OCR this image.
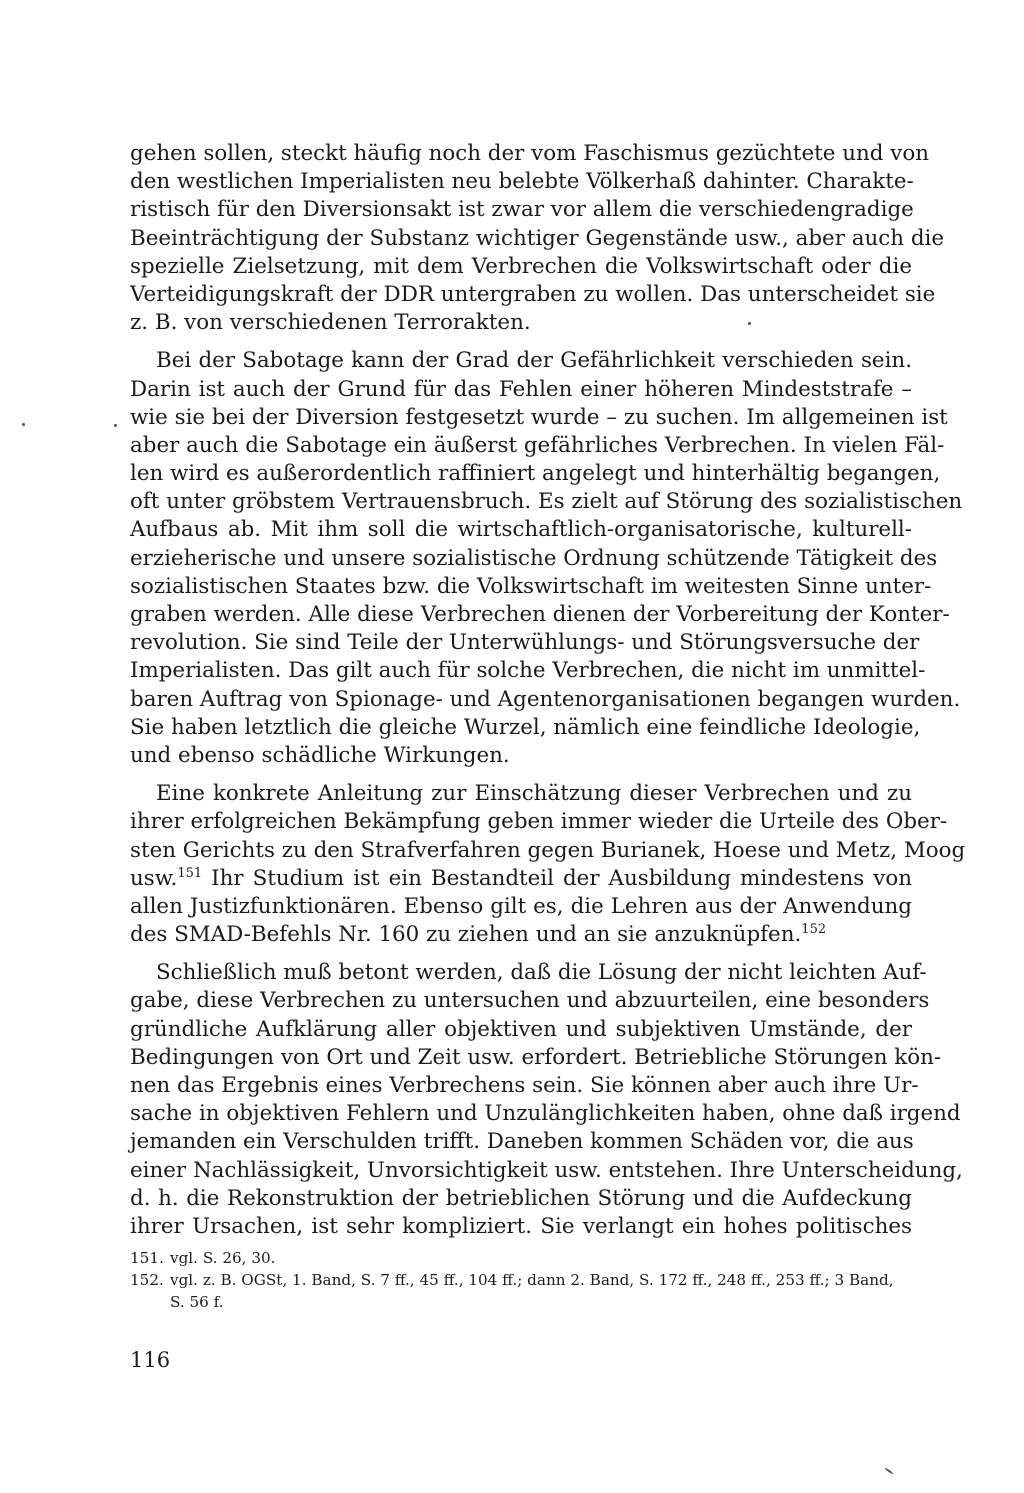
gehen sollen, steckt häufig noch der vom Faschismus gezüchtete und von
den westlichen Imperialisten neu belebte Völkerhaß dahinter. Charakte-
ristisch für den Diversionsakt ist zwar vor allem die verschiedengradige
Beeinträchtigung der Substanz wichtiger Gegenstände usw., aber auch die
spezielle Zielsetzung, mit dem Verbrechen die Volkswirtschaft oder die
Verteidigungskraft der DDR untergraben zu wollen. Das unterscheidet sie
z. B. von verschiedenen Terrorakten.
Bei der Sabotage kann der Grad der Gefährlichkeit verschieden sein.
Darin ist auch der Grund für das Fehlen einer höheren Mindeststrafe –
wie sie bei der Diversion festgesetzt wurde – zu suchen. Im allgemeinen ist
aber auch die Sabotage ein äußerst gefährliches Verbrechen. In vielen Fäl-
len wird es außerordentlich raffiniert angelegt und hinterhältig begangen,
oft unter gröbstem Vertrauensbruch. Es zielt auf Störung des sozialistischen
Aufbaus ab. Mit ihm soll die wirtschaftlich-organisatorische, kulturell-
erzieherische und unsere sozialistische Ordnung schützende Tätigkeit des
sozialistischen Staates bzw. die Volkswirtschaft im weitesten Sinne unter-
graben werden. Alle diese Verbrechen dienen der Vorbereitung der Konter-
revolution. Sie sind Teile der Unterwühlungs- und Störungsversuche der
Imperialisten. Das gilt auch für solche Verbrechen, die nicht im unmittel-
baren Auftrag von Spionage- und Agentenorganisationen begangen wurden.
Sie haben letztlich die gleiche Wurzel, nämlich eine feindliche Ideologie,
und ebenso schädliche Wirkungen.
Eine konkrete Anleitung zur Einschätzung dieser Verbrechen und zu
ihrer erfolgreichen Bekämpfung geben immer wieder die Urteile des Ober-
sten Gerichts zu den Strafverfahren gegen Burianek, Hoese und Metz, Moog
usw.$^{151}$ Ihr Studium ist ein Bestandteil der Ausbildung mindestens von
allen Justizfunktionären. Ebenso gilt es, die Lehren aus der Anwendung
des SMAD-Befehls Nr. 160 zu ziehen und an sie anzuknüpfen.$^{152}$
Schließlich muß betont werden, daß die Lösung der nicht leichten Auf-
gabe, diese Verbrechen zu untersuchen und abzuurteilen, eine besonders
gründliche Aufklärung aller objektiven und subjektiven Umstände, der
Bedingungen von Ort und Zeit usw. erfordert. Betriebliche Störungen kön-
nen das Ergebnis eines Verbrechens sein. Sie können aber auch ihre Ur-
sache in objektiven Fehlern und Unzulänglichkeiten haben, ohne daß irgend
jemanden ein Verschulden trifft. Daneben kommen Schäden vor, die aus
einer Nachlässigkeit, Unvorsichtigkeit usw. entstehen. Ihre Unterscheidung,
d. h. die Rekonstruktion der betrieblichen Störung und die Aufdeckung
ihrer Ursachen, ist sehr kompliziert. Sie verlangt ein hohes politisches
151. vgl. S. 26, 30.
152. vgl. z. B. OGSt, 1. Band, S. 7 ff., 45 ff., 104 ff.; dann 2. Band, S. 172 ff., 248 ff., 253 ff.; 3 Band,
S. 56 f.
116
